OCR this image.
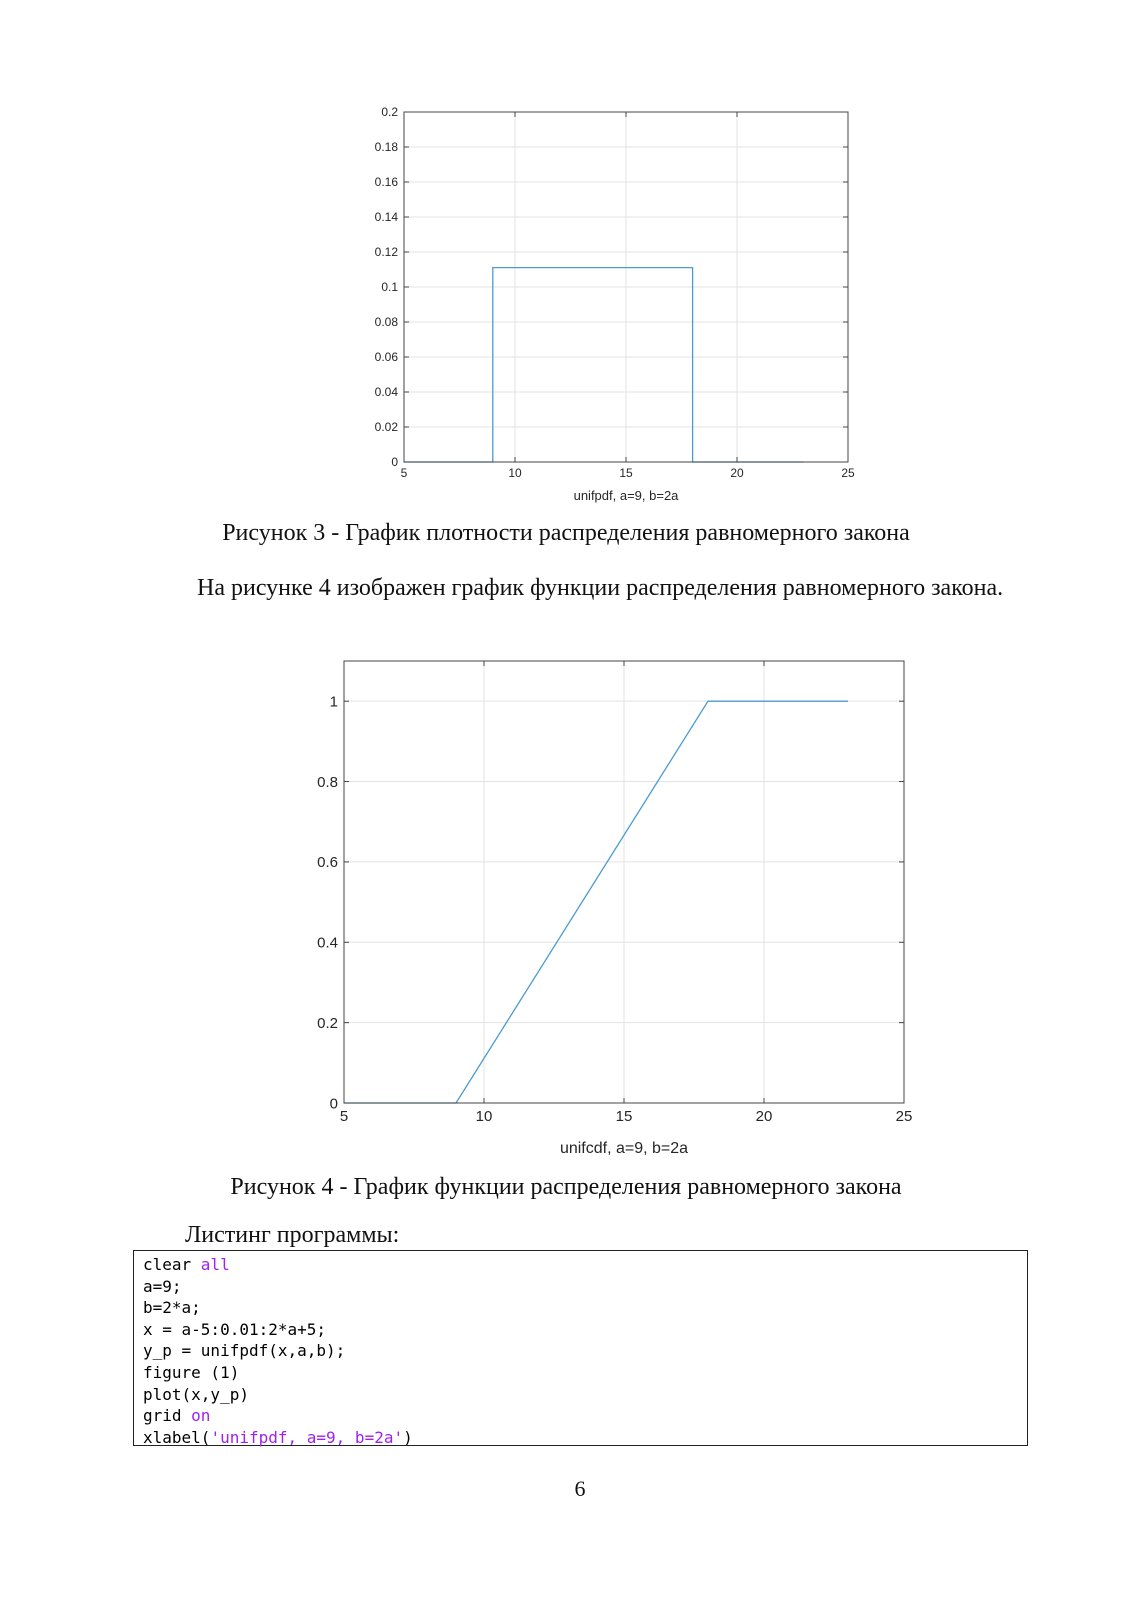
5	10	15	20	25
0
0.02
0.04
0.06
0.08
0.1
0.12
0.14
0.16
0.18
0.2
unifpdf, a=9, b=2a
Рисунок 3 - График плотности распределения равномерного закона
На рисунке 4 изображен график функции распределения равномерного закона.
5	10	15	20	25
0
0.2
0.4
0.6
0.8
1
unifcdf, a=9, b=2a
Рисунок 4 - График функции распределения равномерного закона
Листинг программы:
clear all
a=9;
b=2*a;
x = a-5:0.01:2*a+5;
y_p = unifpdf(x,a,b);
figure (1)
plot(x,y_p)
grid on
xlabel('unifpdf, a=9, b=2a')
6
